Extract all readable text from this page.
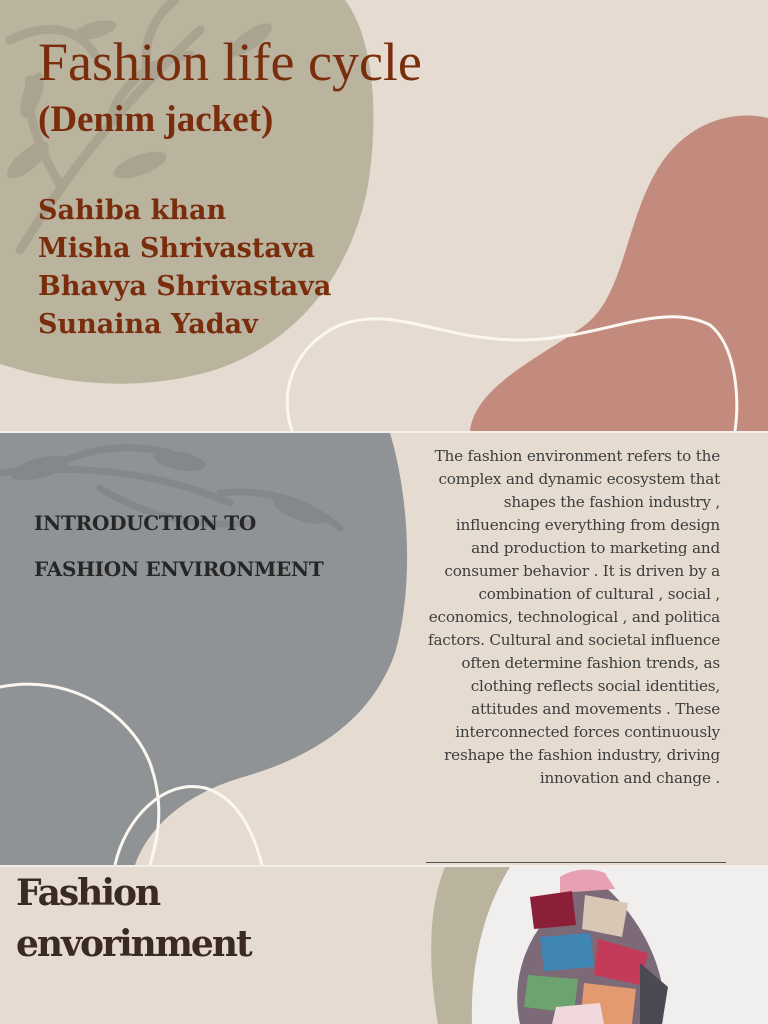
Fashion life cycle
(Denim jacket)
Sahiba khan
Misha Shrivastava
Bhavya Shrivastava
Sunaina Yadav
INTRODUCTION TO
FASHION ENVIRONMENT

The fashion environment refers to the complex and dynamic ecosystem that shapes the fashion industry , influencing everything from design and production to marketing and consumer behavior . It is driven by a combination of cultural , social , economics, technological , and politica factors. Cultural and societal influence often determine fashion trends, as clothing reflects social identities, attitudes and movements . These interconnected forces continuously reshape the fashion industry, driving innovation and change .

Fashion
envorinment
